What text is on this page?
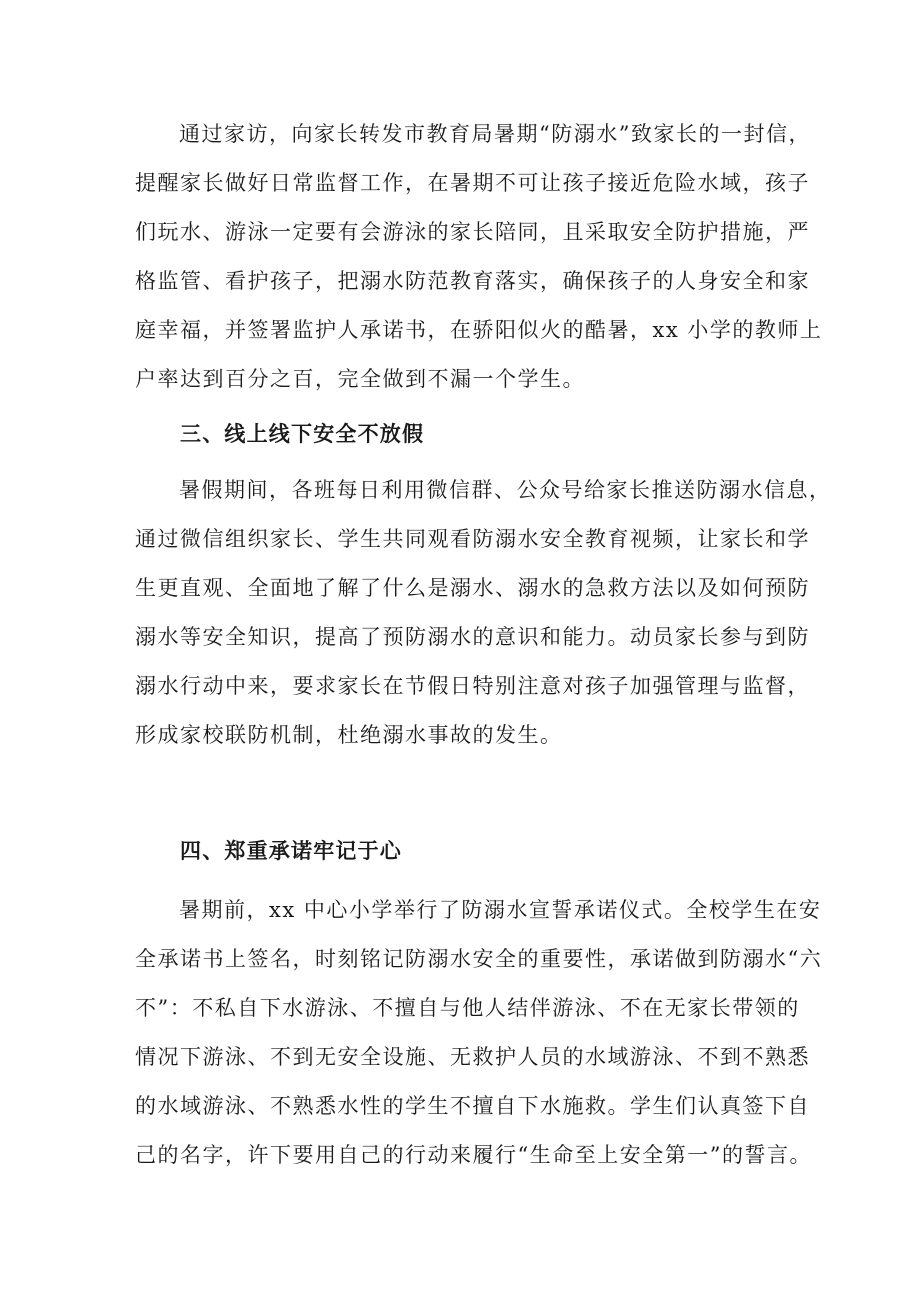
通过家访，向家长转发市教育局暑期“防溺水”致家长的一封信，
提醒家长做好日常监督工作，在暑期不可让孩子接近危险水域，孩子
们玩水、游泳一定要有会游泳的家长陪同，且采取安全防护措施，严
格监管、看护孩子，把溺水防范教育落实，确保孩子的人身安全和家
庭幸福，并签署监护人承诺书，在骄阳似火的酷暑，xx 小学的教师上
户率达到百分之百，完全做到不漏一个学生。
三、线上线下安全不放假
暑假期间，各班每日利用微信群、公众号给家长推送防溺水信息，
通过微信组织家长、学生共同观看防溺水安全教育视频，让家长和学
生更直观、全面地了解了什么是溺水、溺水的急救方法以及如何预防
溺水等安全知识，提高了预防溺水的意识和能力。动员家长参与到防
溺水行动中来，要求家长在节假日特别注意对孩子加强管理与监督，
形成家校联防机制，杜绝溺水事故的发生。
四、郑重承诺牢记于心
暑期前，xx 中心小学举行了防溺水宣誓承诺仪式。全校学生在安
全承诺书上签名，时刻铭记防溺水安全的重要性，承诺做到防溺水“六
不”：不私自下水游泳、不擅自与他人结伴游泳、不在无家长带领的
情况下游泳、不到无安全设施、无救护人员的水域游泳、不到不熟悉
的水域游泳、不熟悉水性的学生不擅自下水施救。学生们认真签下自
己的名字，许下要用自己的行动来履行“生命至上安全第一”的誓言。
